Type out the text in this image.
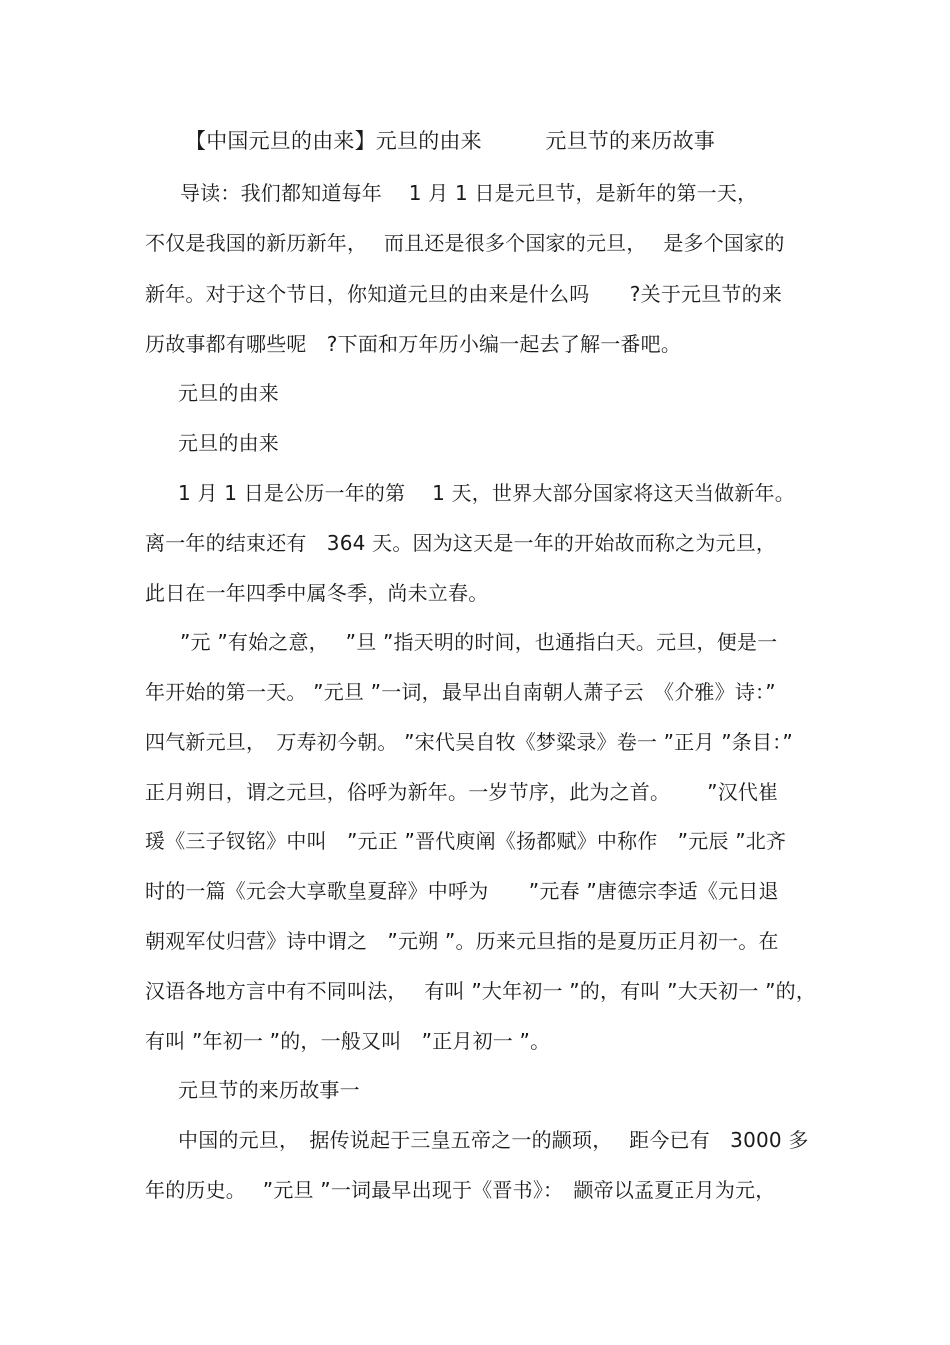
【中国元旦的由来】元旦的由来　　　元旦节的来历故事
导读：我们都知道每年　 1 月 1 日是元旦节，是新年的第一天，
不仅是我国的新历新年，　 而且还是很多个国家的元旦，　 是多个国家的
新年。对于这个节日，你知道元旦的由来是什么吗　　?关于元旦节的来
历故事都有哪些呢　?下面和万年历小编一起去了解一番吧。
元旦的由来
元旦的由来
1 月 1 日是公历一年的第　 1 天，世界大部分国家将这天当做新年。
离一年的结束还有　364 天。因为这天是一年的开始故而称之为元旦，
此日在一年四季中属冬季，尚未立春。
”元 ”有始之意，　 ”旦 ”指天明的时间，也通指白天。元旦，便是一
年开始的第一天。 ”元旦 ”一词，最早出自南朝人萧子云　《介雅》诗：”
四气新元旦，　万寿初今朝。 ”宋代吴自牧《梦粱录》卷一 ”正月 ”条目：”
正月朔日，谓之元旦，俗呼为新年。一岁节序，此为之首。　　 ”汉代崔
瑗《三子钗铭》中叫　”元正 ”晋代庾阐《扬都赋》中称作　”元辰 ”北齐
时的一篇《元会大享歌皇夏辞》中呼为　　”元春 ”唐德宗李适《元日退
朝观军仗归营》诗中谓之　”元朔 ”。历来元旦指的是夏历正月初一。在
汉语各地方言中有不同叫法，　 有叫 ”大年初一 ”的，有叫 ”大天初一 ”的，
有叫 ”年初一 ”的，一般又叫　”正月初一 ”。
元旦节的来历故事一
中国的元旦，　据传说起于三皇五帝之一的颛顼，　 距今已有　3000 多
年的历史。　 ”元旦 ”一词最早出现于《晋书》：　颛帝以孟夏正月为元，
